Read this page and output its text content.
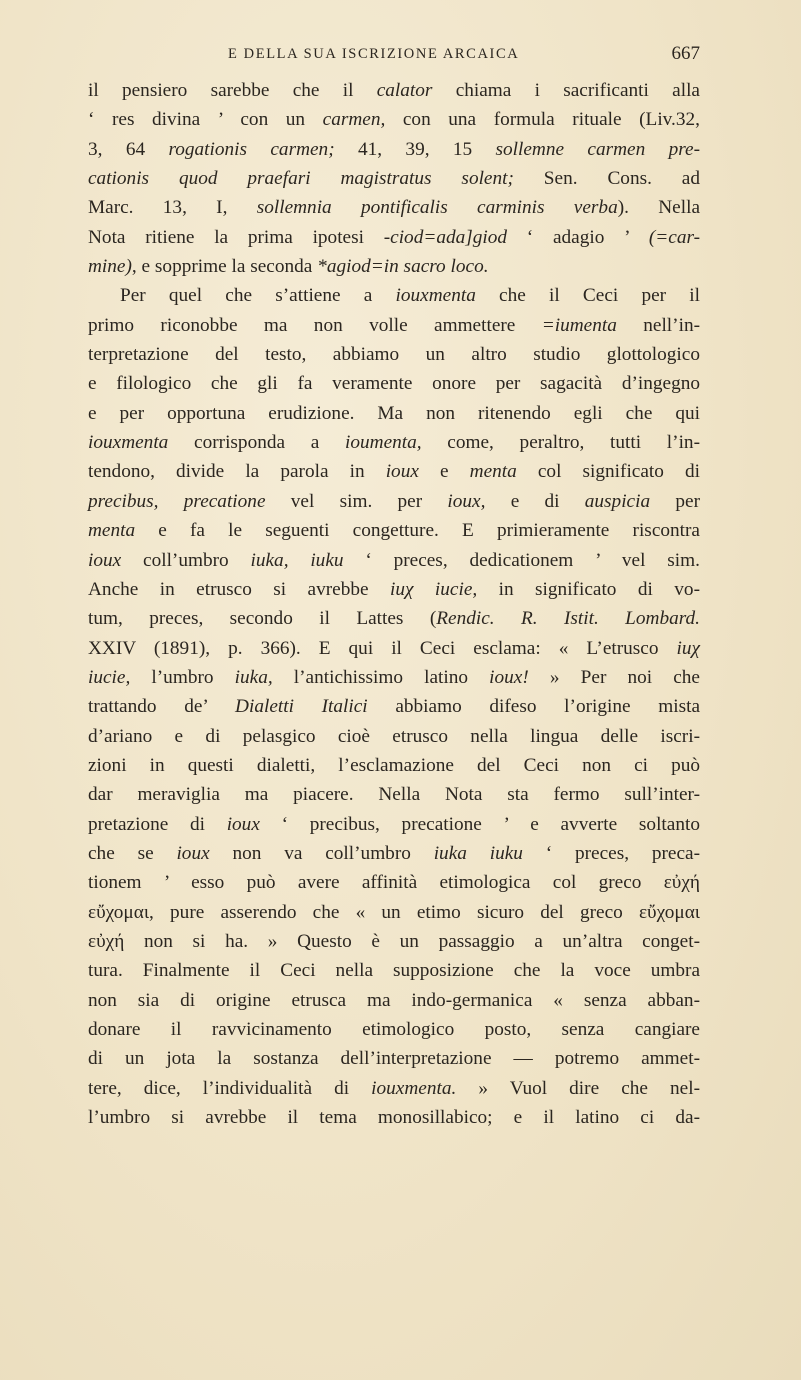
E DELLA SUA ISCRIZIONE ARCAICA	667
il pensiero sarebbe che il calator chiama i sacrificanti alla
‘ res divina ’ con un carmen, con una formula rituale (Liv.32,
3, 64 rogationis carmen; 41, 39, 15 sollemne carmen pre-
cationis quod praefari magistratus solent; Sen. Cons. ad
Marc. 13, I, sollemnia pontificalis carminis verba). Nella
Nota ritiene la prima ipotesi -ciod=ada]giod ‘ adagio ’ (=car-
mine), e sopprime la seconda *agiod=in sacro loco.
Per quel che s’attiene a iouxmenta che il Ceci per il
primo riconobbe ma non volle ammettere =iumenta nell’in-
terpretazione del testo, abbiamo un altro studio glottologico
e filologico che gli fa veramente onore per sagacità d’ingegno
e per opportuna erudizione. Ma non ritenendo egli che qui
iouxmenta corrisponda a ioumenta, come, peraltro, tutti l’in-
tendono, divide la parola in ioux e menta col significato di
precibus, precatione vel sim. per ioux, e di auspicia per
menta e fa le seguenti congetture. E primieramente riscontra
ioux coll’umbro iuka, iuku ‘ preces, dedicationem ’ vel sim.
Anche in etrusco si avrebbe iuχ iucie, in significato di vo-
tum, preces, secondo il Lattes (Rendic. R. Istit. Lombard.
XXIV (1891), p. 366). E qui il Ceci esclama: « L’etrusco iuχ
iucie, l’umbro iuka, l’antichissimo latino ioux! » Per noi che
trattando de’ Dialetti Italici abbiamo difeso l’origine mista
d’ariano e di pelasgico cioè etrusco nella lingua delle iscri-
zioni in questi dialetti, l’esclamazione del Ceci non ci può
dar meraviglia ma piacere. Nella Nota sta fermo sull’inter-
pretazione di ioux ‘ precibus, precatione ’ e avverte soltanto
che se ioux non va coll’umbro iuka iuku ‘ preces, preca-
tionem ’ esso può avere affinità etimologica col greco εὐχή
εὔχομαι, pure asserendo che « un etimo sicuro del greco εὔχομαι
εὐχή non si ha. » Questo è un passaggio a un’altra conget-
tura. Finalmente il Ceci nella supposizione che la voce umbra
non sia di origine etrusca ma indo-germanica « senza abban-
donare il ravvicinamento etimologico posto, senza cangiare
di un jota la sostanza dell’interpretazione — potremo ammet-
tere, dice, l’individualità di iouxmenta. » Vuol dire che nel-
l’umbro si avrebbe il tema monosillabico; e il latino ci da-
